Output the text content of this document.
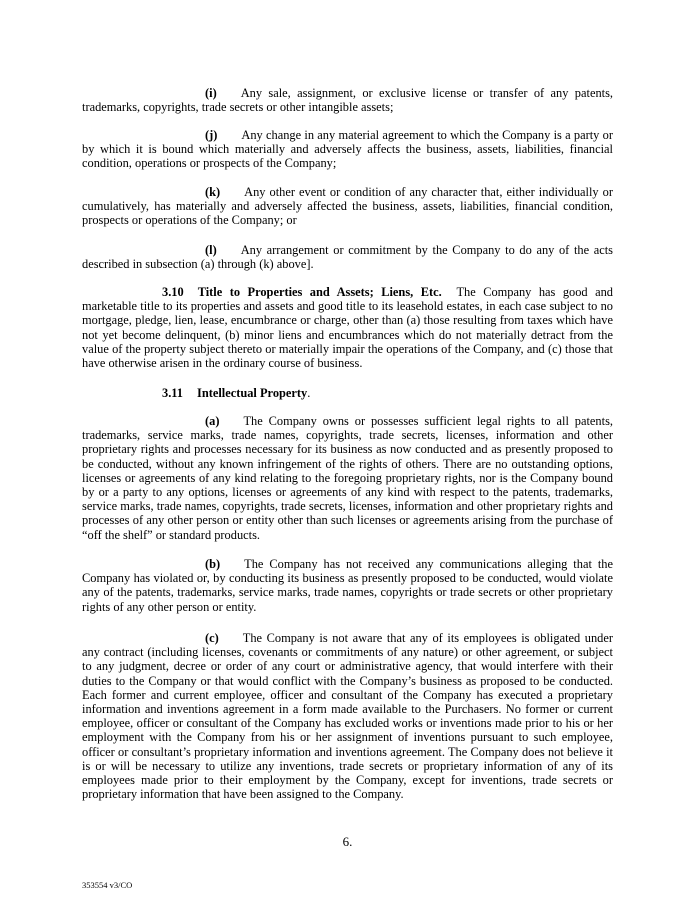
(i) Any sale, assignment, or exclusive license or transfer of any patents, trademarks, copyrights, trade secrets or other intangible assets;

(j) Any change in any material agreement to which the Company is a party or by which it is bound which materially and adversely affects the business, assets, liabilities, financial condition, operations or prospects of the Company;

(k) Any other event or condition of any character that, either individually or cumulatively, has materially and adversely affected the business, assets, liabilities, financial condition, prospects or operations of the Company; or

(l) Any arrangement or commitment by the Company to do any of the acts described in subsection (a) through (k) above].

3.10 Title to Properties and Assets; Liens, Etc. The Company has good and marketable title to its properties and assets and good title to its leasehold estates, in each case subject to no mortgage, pledge, lien, lease, encumbrance or charge, other than (a) those resulting from taxes which have not yet become delinquent, (b) minor liens and encumbrances which do not materially detract from the value of the property subject thereto or materially impair the operations of the Company, and (c) those that have otherwise arisen in the ordinary course of business.

3.11 Intellectual Property.

(a) The Company owns or possesses sufficient legal rights to all patents, trademarks, service marks, trade names, copyrights, trade secrets, licenses, information and other proprietary rights and processes necessary for its business as now conducted and as presently proposed to be conducted, without any known infringement of the rights of others. There are no outstanding options, licenses or agreements of any kind relating to the foregoing proprietary rights, nor is the Company bound by or a party to any options, licenses or agreements of any kind with respect to the patents, trademarks, service marks, trade names, copyrights, trade secrets, licenses, information and other proprietary rights and processes of any other person or entity other than such licenses or agreements arising from the purchase of “off the shelf” or standard products.

(b) The Company has not received any communications alleging that the Company has violated or, by conducting its business as presently proposed to be conducted, would violate any of the patents, trademarks, service marks, trade names, copyrights or trade secrets or other proprietary rights of any other person or entity.

(c) The Company is not aware that any of its employees is obligated under any contract (including licenses, covenants or commitments of any nature) or other agreement, or subject to any judgment, decree or order of any court or administrative agency, that would interfere with their duties to the Company or that would conflict with the Company’s business as proposed to be conducted. Each former and current employee, officer and consultant of the Company has executed a proprietary information and inventions agreement in a form made available to the Purchasers. No former or current employee, officer or consultant of the Company has excluded works or inventions made prior to his or her employment with the Company from his or her assignment of inventions pursuant to such employee, officer or consultant’s proprietary information and inventions agreement. The Company does not believe it is or will be necessary to utilize any inventions, trade secrets or proprietary information of any of its employees made prior to their employment by the Company, except for inventions, trade secrets or proprietary information that have been assigned to the Company.

6.
353554 v3/CO
